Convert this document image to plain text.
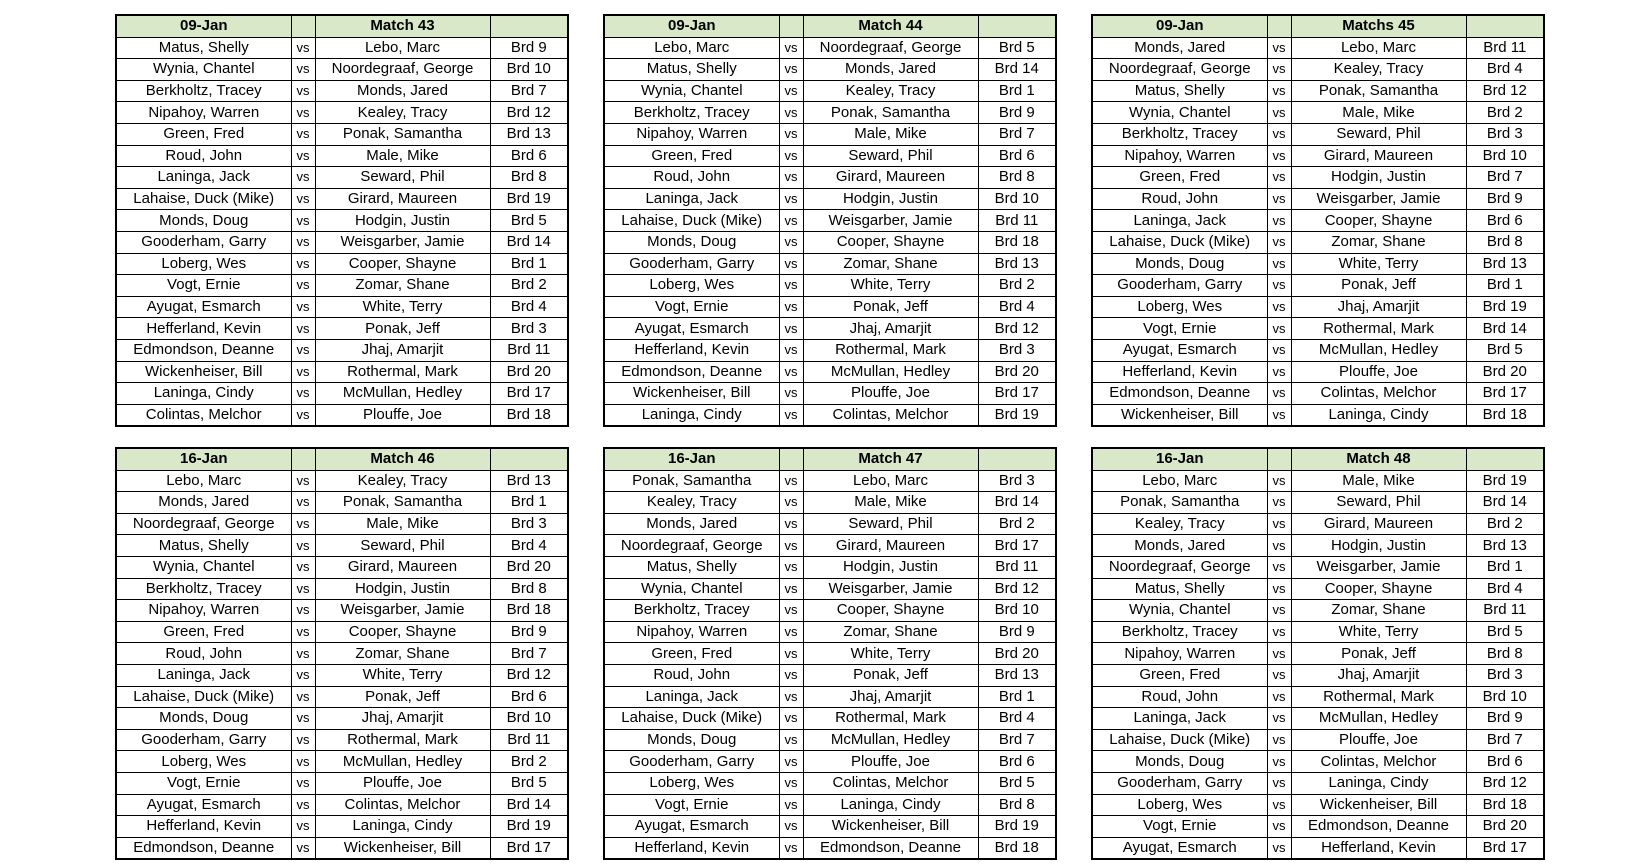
09-Jan		Match 43	
Matus, Shelly	vs	Lebo, Marc	Brd 9
Wynia, Chantel	vs	Noordegraaf, George	Brd 10
Berkholtz, Tracey	vs	Monds, Jared	Brd 7
Nipahoy, Warren	vs	Kealey, Tracy	Brd 12
Green, Fred	vs	Ponak, Samantha	Brd 13
Roud, John	vs	Male, Mike	Brd 6
Laninga, Jack	vs	Seward, Phil	Brd 8
Lahaise, Duck (Mike)	vs	Girard, Maureen	Brd 19
Monds, Doug	vs	Hodgin, Justin	Brd 5
Gooderham, Garry	vs	Weisgarber, Jamie	Brd 14
Loberg, Wes	vs	Cooper, Shayne	Brd 1
Vogt, Ernie	vs	Zomar, Shane	Brd 2
Ayugat, Esmarch	vs	White, Terry	Brd 4
Hefferland, Kevin	vs	Ponak, Jeff	Brd 3
Edmondson, Deanne	vs	Jhaj, Amarjit	Brd 11
Wickenheiser, Bill	vs	Rothermal, Mark	Brd 20
Laninga, Cindy	vs	McMullan, Hedley	Brd 17
Colintas, Melchor	vs	Plouffe, Joe	Brd 18
09-Jan		Match 44	
Lebo, Marc	vs	Noordegraaf, George	Brd 5
Matus, Shelly	vs	Monds, Jared	Brd 14
Wynia, Chantel	vs	Kealey, Tracy	Brd 1
Berkholtz, Tracey	vs	Ponak, Samantha	Brd 9
Nipahoy, Warren	vs	Male, Mike	Brd 7
Green, Fred	vs	Seward, Phil	Brd 6
Roud, John	vs	Girard, Maureen	Brd 8
Laninga, Jack	vs	Hodgin, Justin	Brd 10
Lahaise, Duck (Mike)	vs	Weisgarber, Jamie	Brd 11
Monds, Doug	vs	Cooper, Shayne	Brd 18
Gooderham, Garry	vs	Zomar, Shane	Brd 13
Loberg, Wes	vs	White, Terry	Brd 2
Vogt, Ernie	vs	Ponak, Jeff	Brd 4
Ayugat, Esmarch	vs	Jhaj, Amarjit	Brd 12
Hefferland, Kevin	vs	Rothermal, Mark	Brd 3
Edmondson, Deanne	vs	McMullan, Hedley	Brd 20
Wickenheiser, Bill	vs	Plouffe, Joe	Brd 17
Laninga, Cindy	vs	Colintas, Melchor	Brd 19
09-Jan		Matchs 45	
Monds, Jared	vs	Lebo, Marc	Brd 11
Noordegraaf, George	vs	Kealey, Tracy	Brd 4
Matus, Shelly	vs	Ponak, Samantha	Brd 12
Wynia, Chantel	vs	Male, Mike	Brd 2
Berkholtz, Tracey	vs	Seward, Phil	Brd 3
Nipahoy, Warren	vs	Girard, Maureen	Brd 10
Green, Fred	vs	Hodgin, Justin	Brd 7
Roud, John	vs	Weisgarber, Jamie	Brd 9
Laninga, Jack	vs	Cooper, Shayne	Brd 6
Lahaise, Duck (Mike)	vs	Zomar, Shane	Brd 8
Monds, Doug	vs	White, Terry	Brd 13
Gooderham, Garry	vs	Ponak, Jeff	Brd 1
Loberg, Wes	vs	Jhaj, Amarjit	Brd 19
Vogt, Ernie	vs	Rothermal, Mark	Brd 14
Ayugat, Esmarch	vs	McMullan, Hedley	Brd 5
Hefferland, Kevin	vs	Plouffe, Joe	Brd 20
Edmondson, Deanne	vs	Colintas, Melchor	Brd 17
Wickenheiser, Bill	vs	Laninga, Cindy	Brd 18
16-Jan		Match 46	
Lebo, Marc	vs	Kealey, Tracy	Brd 13
Monds, Jared	vs	Ponak, Samantha	Brd 1
Noordegraaf, George	vs	Male, Mike	Brd 3
Matus, Shelly	vs	Seward, Phil	Brd 4
Wynia, Chantel	vs	Girard, Maureen	Brd 20
Berkholtz, Tracey	vs	Hodgin, Justin	Brd 8
Nipahoy, Warren	vs	Weisgarber, Jamie	Brd 18
Green, Fred	vs	Cooper, Shayne	Brd 9
Roud, John	vs	Zomar, Shane	Brd 7
Laninga, Jack	vs	White, Terry	Brd 12
Lahaise, Duck (Mike)	vs	Ponak, Jeff	Brd 6
Monds, Doug	vs	Jhaj, Amarjit	Brd 10
Gooderham, Garry	vs	Rothermal, Mark	Brd 11
Loberg, Wes	vs	McMullan, Hedley	Brd 2
Vogt, Ernie	vs	Plouffe, Joe	Brd 5
Ayugat, Esmarch	vs	Colintas, Melchor	Brd 14
Hefferland, Kevin	vs	Laninga, Cindy	Brd 19
Edmondson, Deanne	vs	Wickenheiser, Bill	Brd 17
16-Jan		Match 47	
Ponak, Samantha	vs	Lebo, Marc	Brd 3
Kealey, Tracy	vs	Male, Mike	Brd 14
Monds, Jared	vs	Seward, Phil	Brd 2
Noordegraaf, George	vs	Girard, Maureen	Brd 17
Matus, Shelly	vs	Hodgin, Justin	Brd 11
Wynia, Chantel	vs	Weisgarber, Jamie	Brd 12
Berkholtz, Tracey	vs	Cooper, Shayne	Brd 10
Nipahoy, Warren	vs	Zomar, Shane	Brd 9
Green, Fred	vs	White, Terry	Brd 20
Roud, John	vs	Ponak, Jeff	Brd 13
Laninga, Jack	vs	Jhaj, Amarjit	Brd 1
Lahaise, Duck (Mike)	vs	Rothermal, Mark	Brd 4
Monds, Doug	vs	McMullan, Hedley	Brd 7
Gooderham, Garry	vs	Plouffe, Joe	Brd 6
Loberg, Wes	vs	Colintas, Melchor	Brd 5
Vogt, Ernie	vs	Laninga, Cindy	Brd 8
Ayugat, Esmarch	vs	Wickenheiser, Bill	Brd 19
Hefferland, Kevin	vs	Edmondson, Deanne	Brd 18
16-Jan		Match 48	
Lebo, Marc	vs	Male, Mike	Brd 19
Ponak, Samantha	vs	Seward, Phil	Brd 14
Kealey, Tracy	vs	Girard, Maureen	Brd 2
Monds, Jared	vs	Hodgin, Justin	Brd 13
Noordegraaf, George	vs	Weisgarber, Jamie	Brd 1
Matus, Shelly	vs	Cooper, Shayne	Brd 4
Wynia, Chantel	vs	Zomar, Shane	Brd 11
Berkholtz, Tracey	vs	White, Terry	Brd 5
Nipahoy, Warren	vs	Ponak, Jeff	Brd 8
Green, Fred	vs	Jhaj, Amarjit	Brd 3
Roud, John	vs	Rothermal, Mark	Brd 10
Laninga, Jack	vs	McMullan, Hedley	Brd 9
Lahaise, Duck (Mike)	vs	Plouffe, Joe	Brd 7
Monds, Doug	vs	Colintas, Melchor	Brd 6
Gooderham, Garry	vs	Laninga, Cindy	Brd 12
Loberg, Wes	vs	Wickenheiser, Bill	Brd 18
Vogt, Ernie	vs	Edmondson, Deanne	Brd 20
Ayugat, Esmarch	vs	Hefferland, Kevin	Brd 17
